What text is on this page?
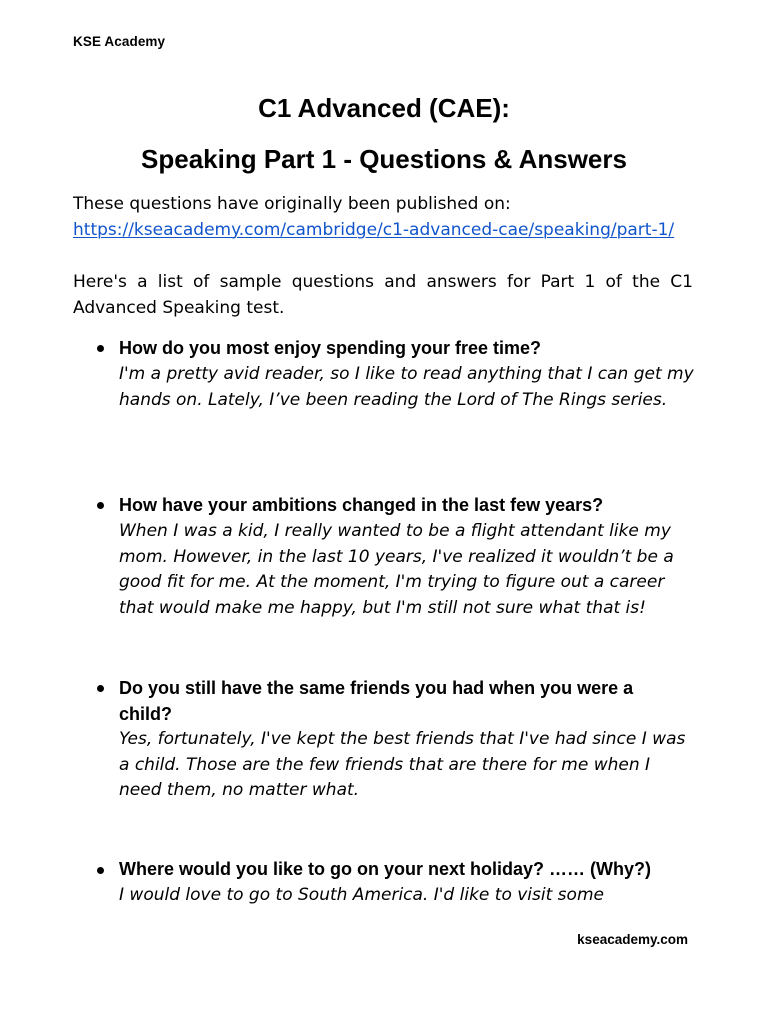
KSE Academy
C1 Advanced (CAE):
Speaking Part 1 - Questions & Answers
These questions have originally been published on:
https://kseacademy.com/cambridge/c1-advanced-cae/speaking/part-1/

Here's a list of sample questions and answers for Part 1 of the C1 Advanced Speaking test.

How do you most enjoy spending your free time?

I'm a pretty avid reader, so I like to read anything that I can get my hands on. Lately, I’ve been reading the Lord of The Rings series.

How have your ambitions changed in the last few years?

When I was a kid, I really wanted to be a flight attendant like my mom. However, in the last 10 years, I've realized it wouldn’t be a good fit for me. At the moment, I'm trying to figure out a career that would make me happy, but I'm still not sure what that is!

Do you still have the same friends you had when you were a child?

Yes, fortunately, I've kept the best friends that I've had since I was a child. Those are the few friends that are there for me when I need them, no matter what.

Where would you like to go on your next holiday? …… (Why?)

I would love to go to South America. I'd like to visit some

kseacademy.com
